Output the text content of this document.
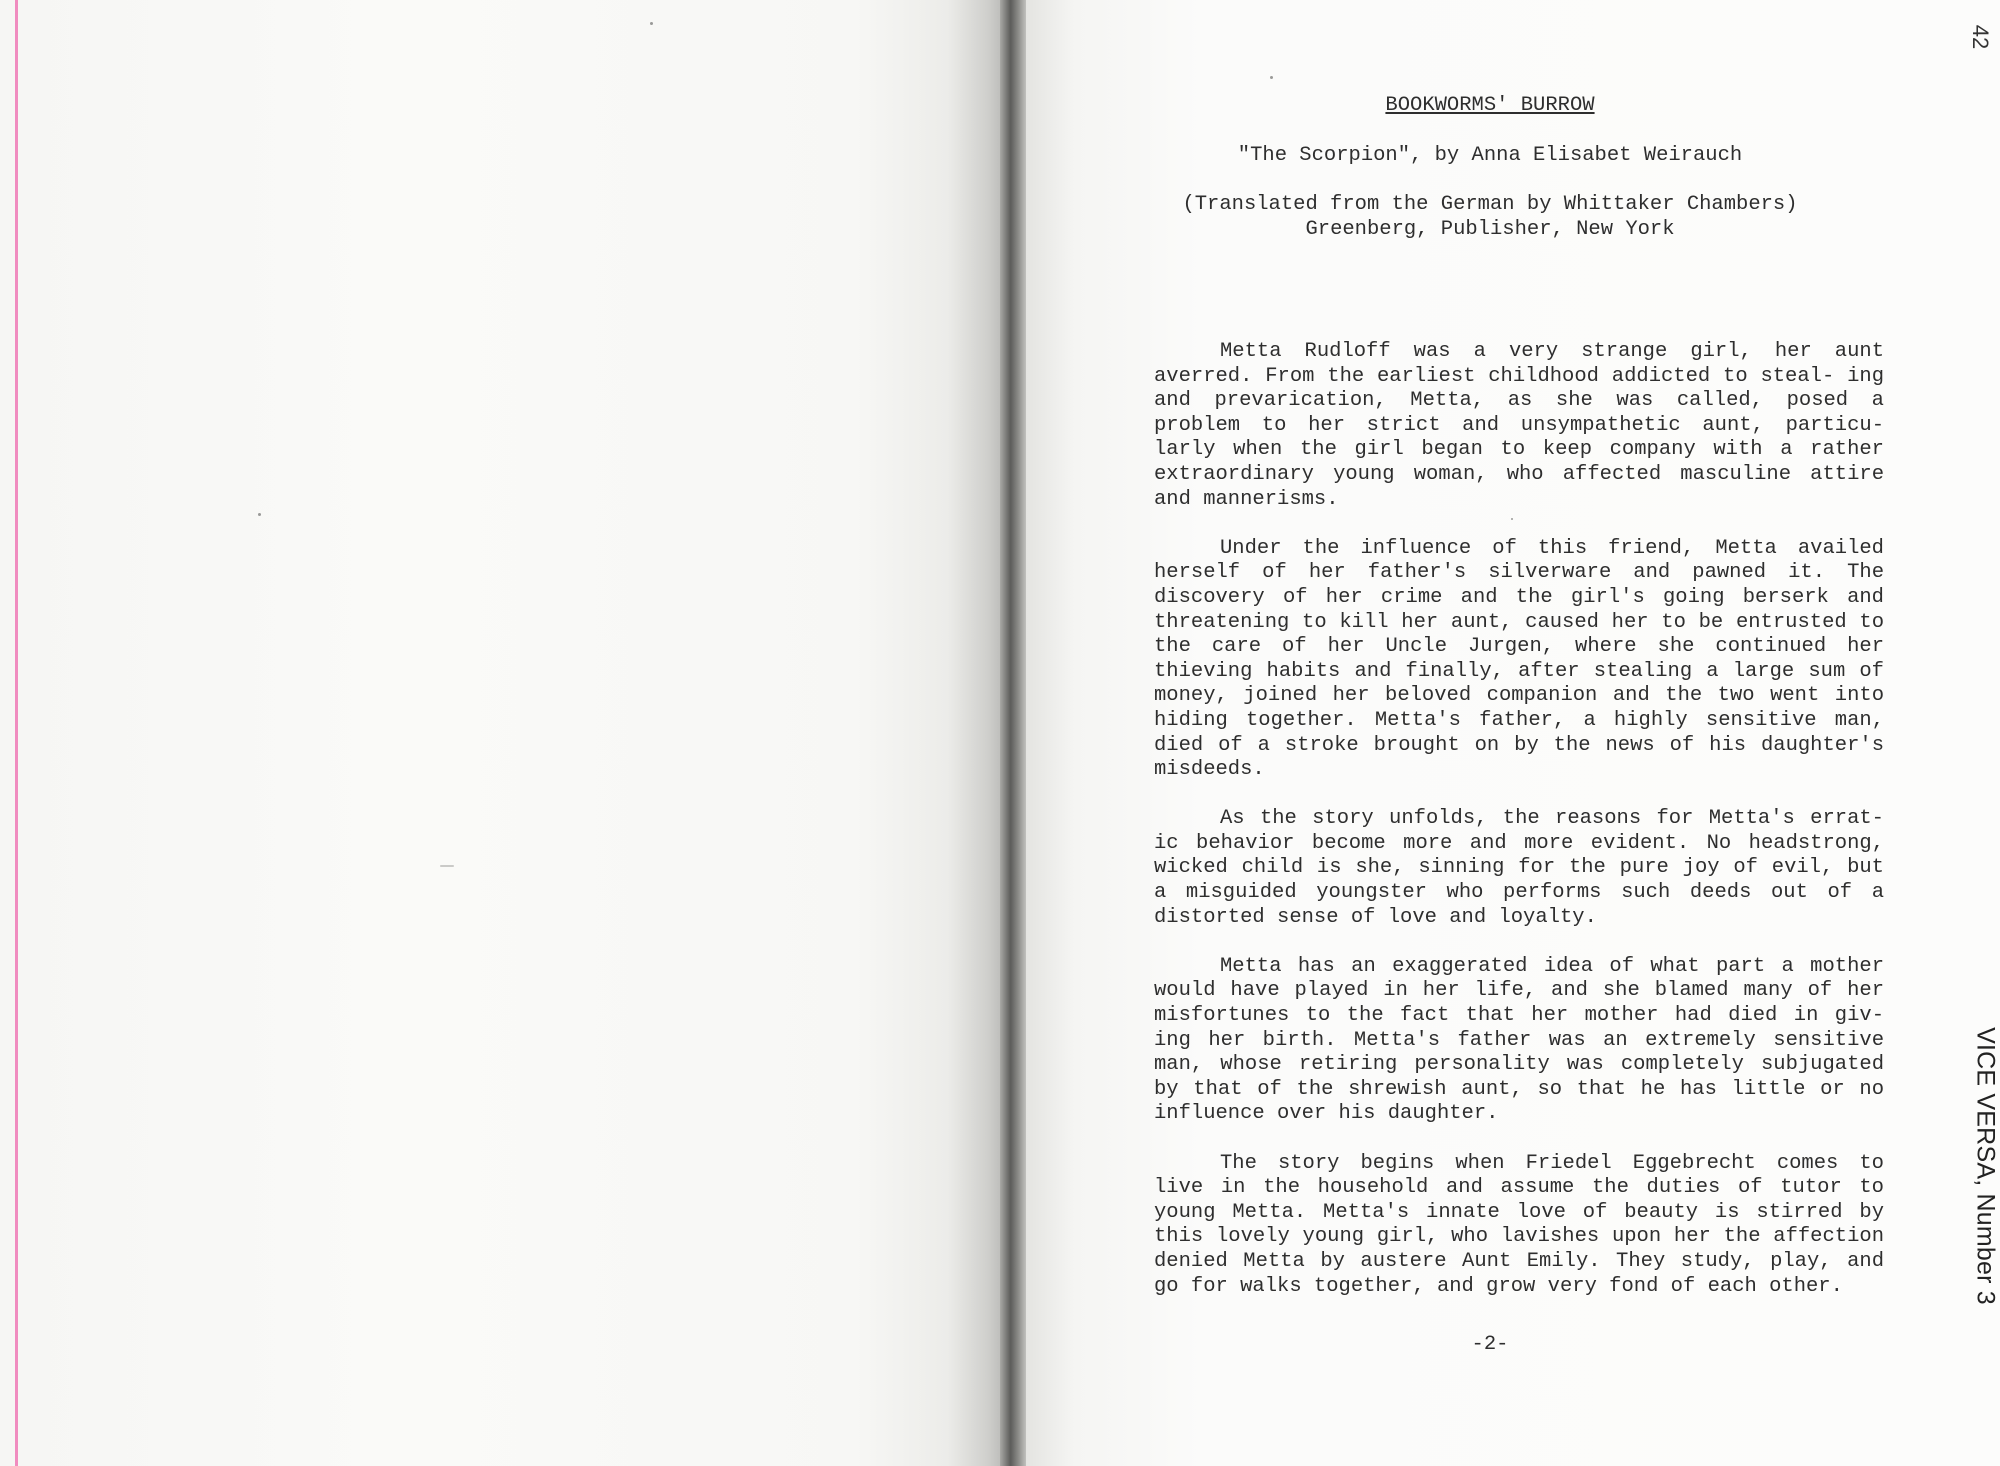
42
VICE VERSA, Number 3
BOOKWORMS' BURROW
"The Scorpion", by Anna Elisabet Weirauch
(Translated from the German by Whittaker Chambers)
Greenberg, Publisher, New York

Metta Rudloff was a very strange girl, her aunt averred. From the earliest childhood addicted to steal- ing and prevarication, Metta, as she was called, posed a problem to her strict and unsympathetic aunt, particu- larly when the girl began to keep company with a rather extraordinary young woman, who affected masculine attire and mannerisms.

Under the influence of this friend, Metta availed herself of her father's silverware and pawned it. The discovery of her crime and the girl's going berserk and threatening to kill her aunt, caused her to be entrusted to the care of her Uncle Jurgen, where she continued her thieving habits and finally, after stealing a large sum of money, joined her beloved companion and the two went into hiding together. Metta's father, a highly sensitive man, died of a stroke brought on by the news of his daughter's misdeeds.

As the story unfolds, the reasons for Metta's errat- ic behavior become more and more evident. No headstrong, wicked child is she, sinning for the pure joy of evil, but a misguided youngster who performs such deeds out of a distorted sense of love and loyalty.

Metta has an exaggerated idea of what part a mother would have played in her life, and she blamed many of her misfortunes to the fact that her mother had died in giv- ing her birth. Metta's father was an extremely sensitive man, whose retiring personality was completely subjugated by that of the shrewish aunt, so that he has little or no influence over his daughter.

The story begins when Friedel Eggebrecht comes to live in the household and assume the duties of tutor to young Metta. Metta's innate love of beauty is stirred by this lovely young girl, who lavishes upon her the affection denied Metta by austere Aunt Emily. They study, play, and go for walks together, and grow very fond of each other.

-2-
